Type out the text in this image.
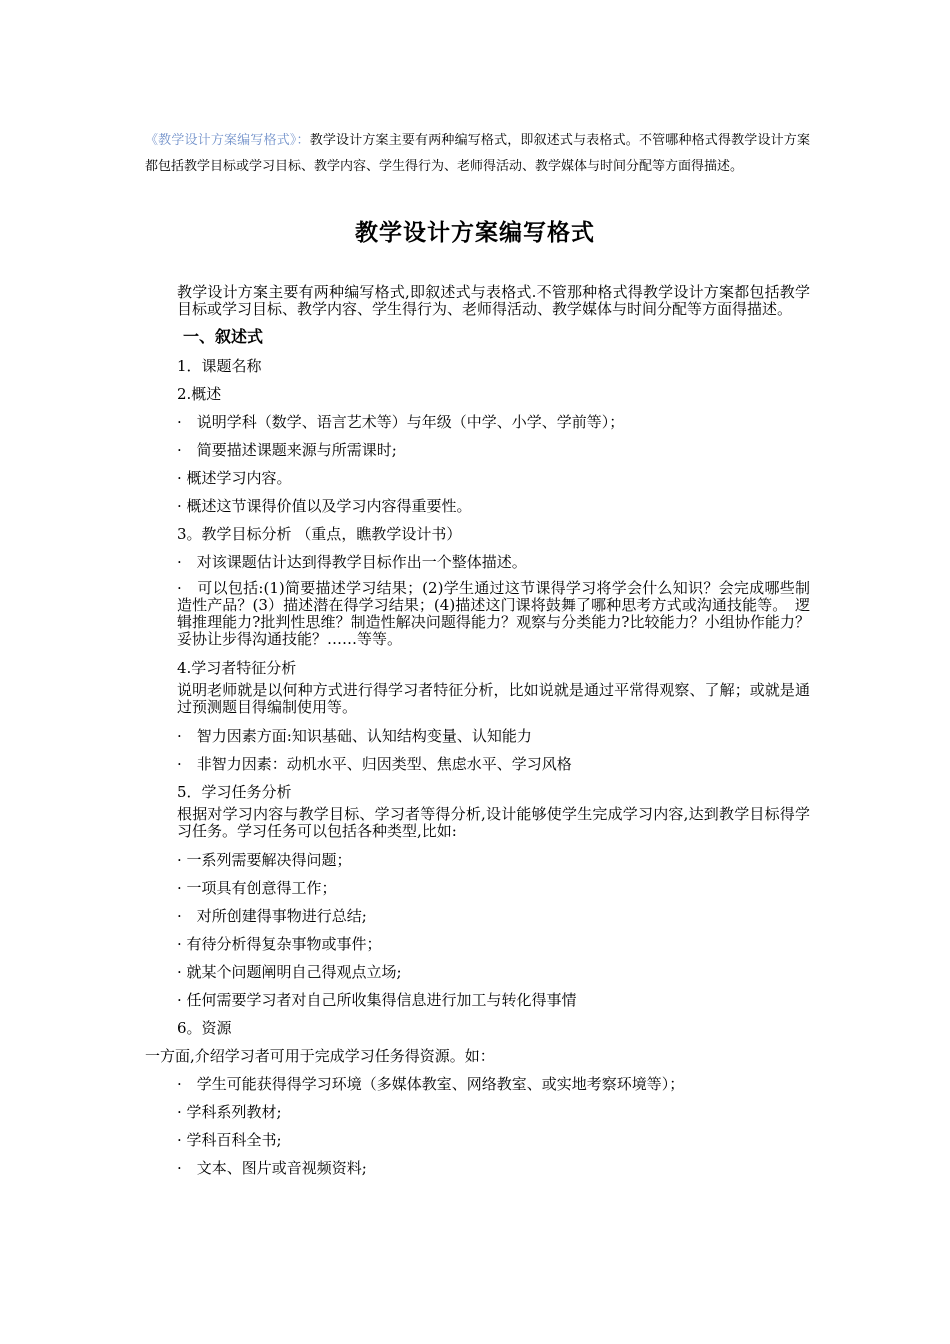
《教学设计方案编写格式》：教学设计方案主要有两种编写格式，即叙述式与表格式。不管哪种格式得教学设计方案都包括教学目标或学习目标、教学内容、学生得行为、老师得活动、教学媒体与时间分配等方面得描述。
教学设计方案编写格式

教学设计方案主要有两种编写格式,即叙述式与表格式.不管那种格式得教学设计方案都包括教学目标或学习目标、教学内容、学生得行为、老师得活动、教学媒体与时间分配等方面得描述。

一、叙述式
1．课题名称
2.概述
·　说明学科（数学、语言艺术等）与年级（中学、小学、学前等）；
·　简要描述课题来源与所需课时;
· 概述学习内容。
· 概述这节课得价值以及学习内容得重要性。
3。教学目标分析 （重点，瞧教学设计书）
·　对该课题估计达到得教学目标作出一个整体描述。

·　可以包括:(1)简要描述学习结果；(2)学生通过这节课得学习将学会什么知识？会完成哪些制造性产品？(3）描述潜在得学习结果；(4)描述这门课将鼓舞了哪种思考方式或沟通技能等。　逻辑推理能力?批判性思维？制造性解决问题得能力？观察与分类能力?比较能力？小组协作能力？妥协让步得沟通技能？……等等。

4.学习者特征分析

说明老师就是以何种方式进行得学习者特征分析，比如说就是通过平常得观察、了解；或就是通过预测题目得编制使用等。

·　智力因素方面:知识基础、认知结构变量、认知能力
·　非智力因素：动机水平、归因类型、焦虑水平、学习风格
5．学习任务分析

根据对学习内容与教学目标、学习者等得分析,设计能够使学生完成学习内容,达到教学目标得学习任务。学习任务可以包括各种类型,比如:

· 一系列需要解决得问题；
· 一项具有创意得工作；
·　对所创建得事物进行总结;
· 有待分析得复杂事物或事件；
· 就某个问题阐明自己得观点立场;
· 任何需要学习者对自己所收集得信息进行加工与转化得事情
6。资源
一方面,介绍学习者可用于完成学习任务得资源。如：
·　学生可能获得得学习环境（多媒体教室、网络教室、或实地考察环境等）；
· 学科系列教材;
· 学科百科全书;
·　文本、图片或音视频资料;
